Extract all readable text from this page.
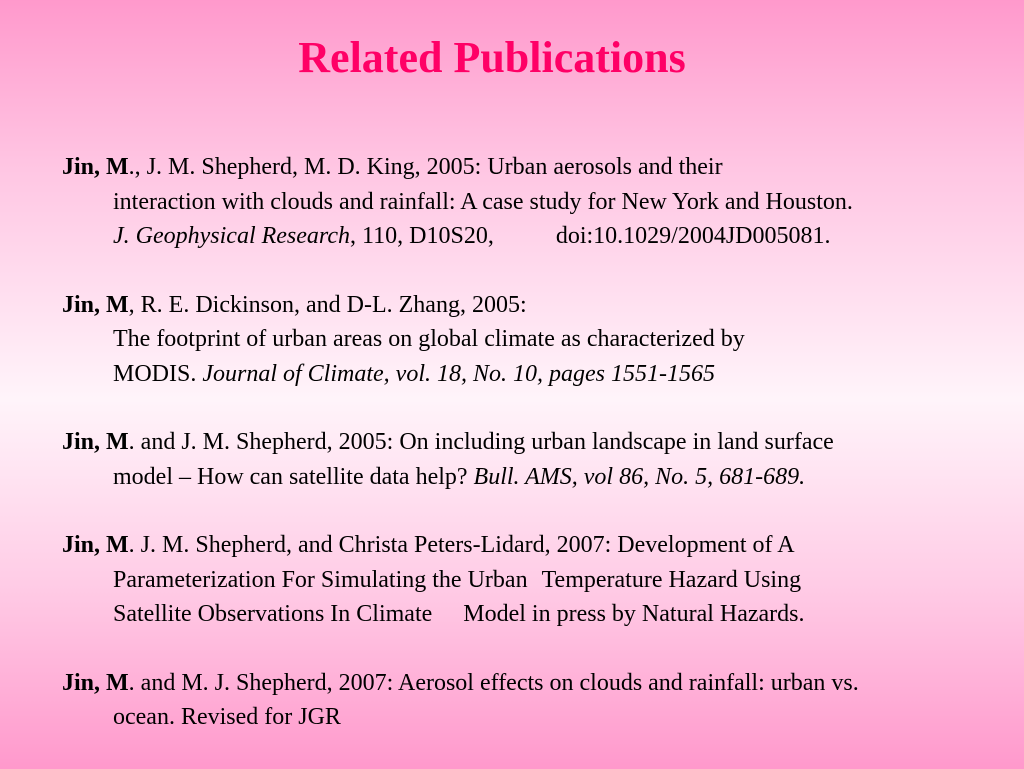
Related Publications
Jin, M., J. M. Shepherd, M. D. King, 2005: Urban aerosols and their
interaction with clouds and rainfall: A case study for New York and Houston.
J. Geophysical Research, 110, D10S20,	doi:10.1029/2004JD005081.
Jin, M, R. E. Dickinson, and D-L. Zhang, 2005:
The footprint of urban areas on global climate as characterized by
MODIS. Journal of Climate, vol. 18, No. 10, pages 1551-1565
Jin, M. and J. M. Shepherd, 2005: On including urban landscape in land surface
model – How can satellite data help? Bull. AMS, vol 86, No. 5, 681-689.
Jin, M. J. M. Shepherd, and Christa Peters-Lidard, 2007: Development of A
Parameterization For Simulating the Urban Temperature Hazard Using
Satellite Observations In Climate Model in press by Natural Hazards.
Jin, M. and M. J. Shepherd, 2007: Aerosol effects on clouds and rainfall: urban vs.
ocean. Revised for JGR
